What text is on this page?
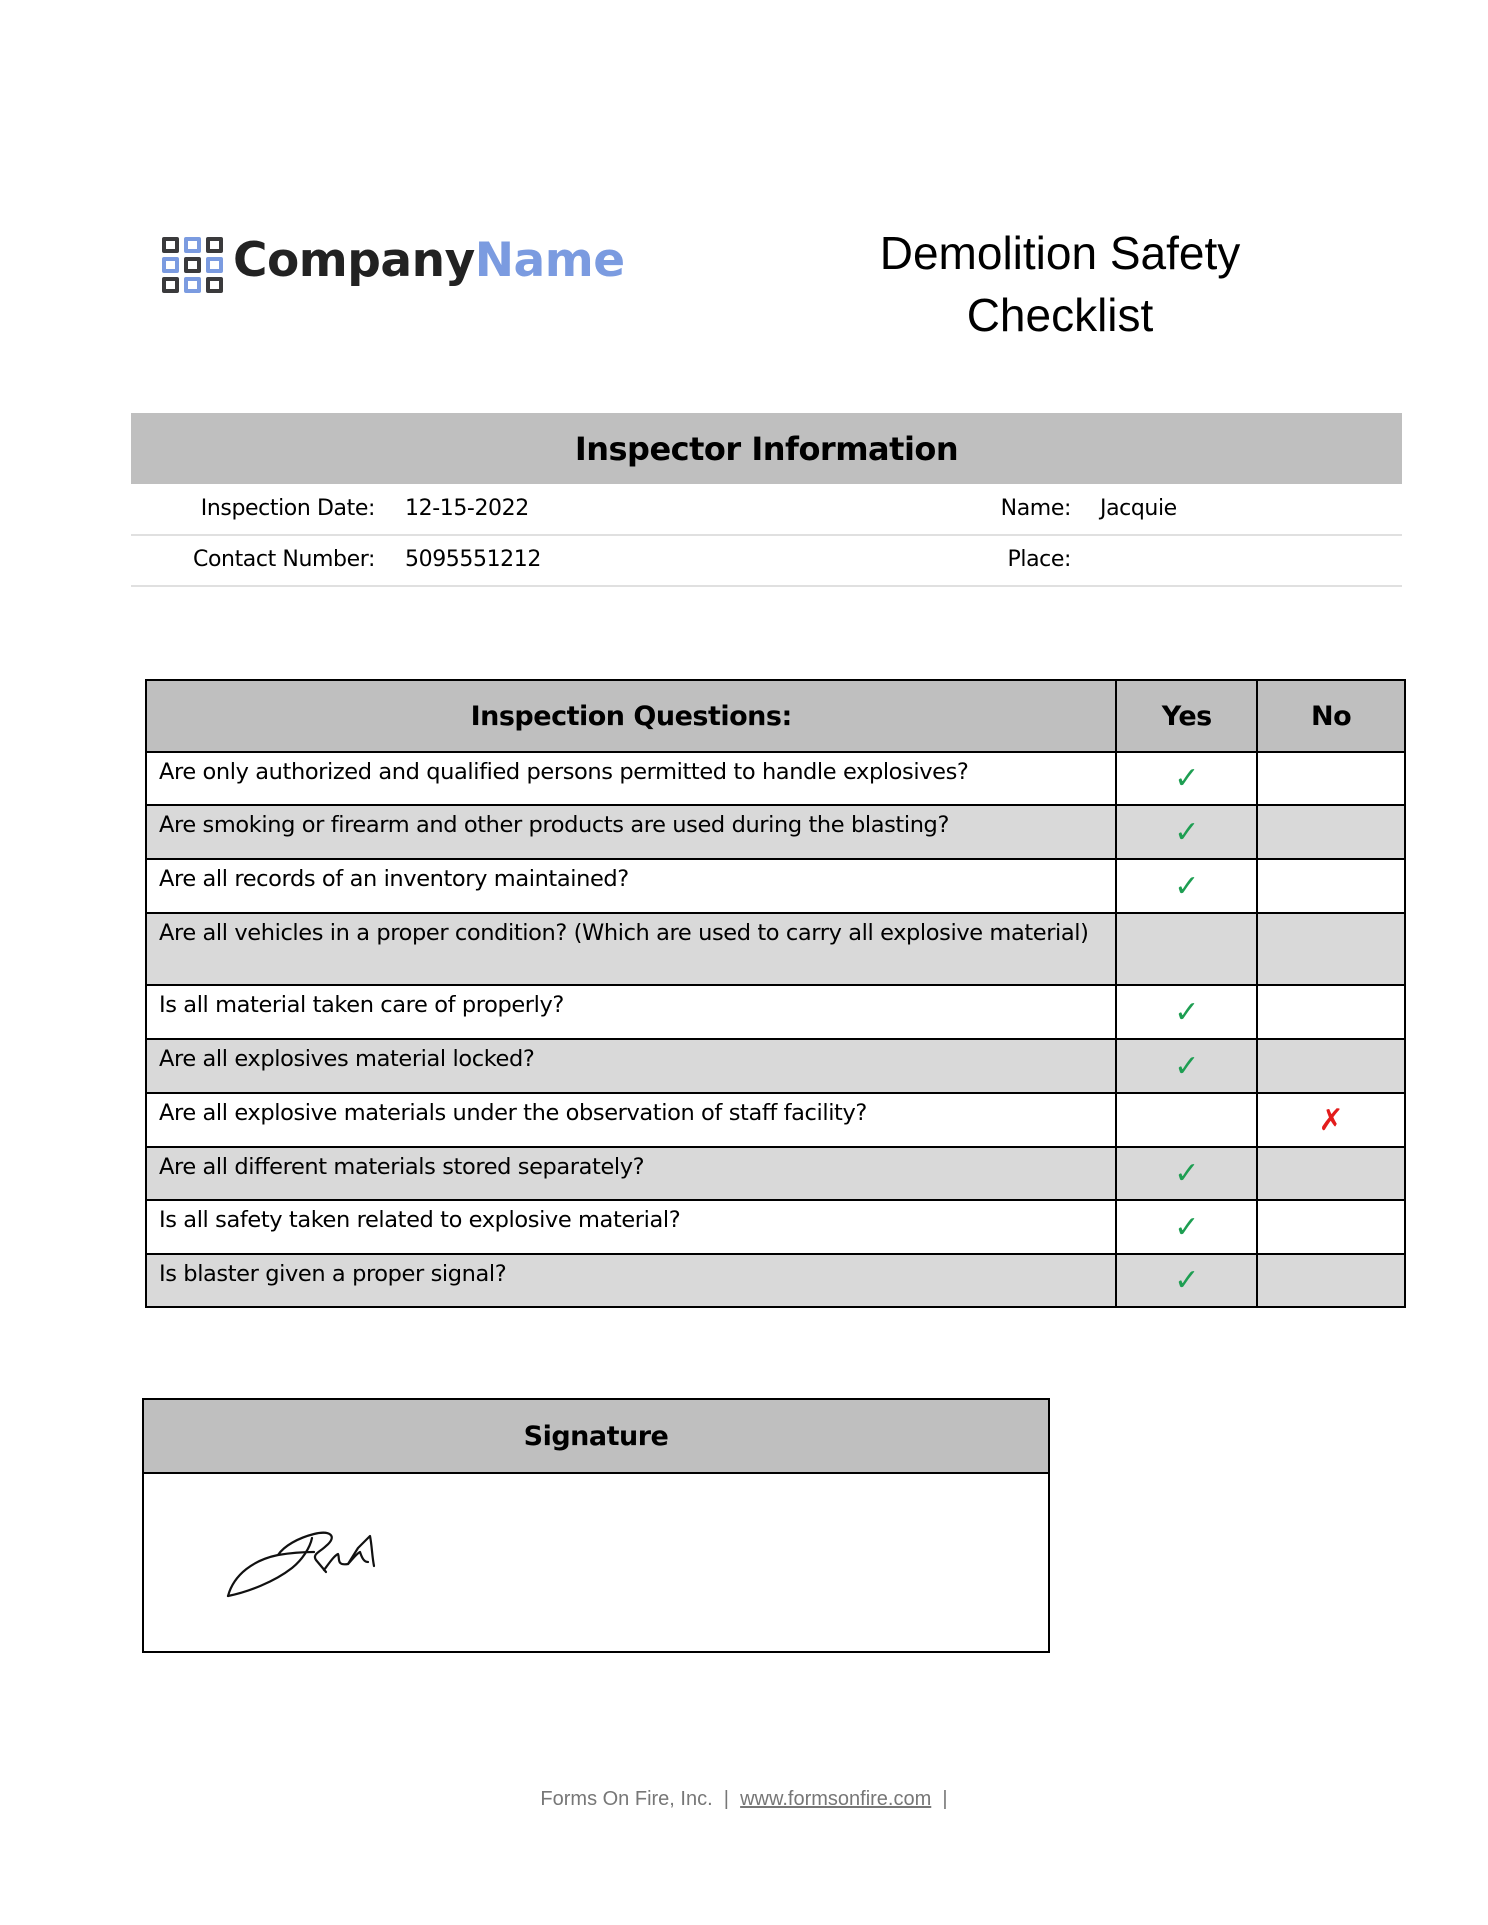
CompanyName	Demolition Safety
Checklist
Inspector Information
Inspection Date: 12-15-2022	Name: Jacquie
Contact Number: 5095551212	Place:
Inspection Questions:	Yes	No
Are only authorized and qualified persons permitted to handle explosives?	✓	
Are smoking or firearm and other products are used during the blasting?	✓	
Are all records of an inventory maintained?	✓	
Are all vehicles in a proper condition? (Which are used to carry all explosive material)		
Is all material taken care of properly?	✓	
Are all explosives material locked?	✓	
Are all explosive materials under the observation of staff facility?		✗
Are all different materials stored separately?	✓	
Is all safety taken related to explosive material?	✓	
Is blaster given a proper signal?	✓	
Signature
Forms On Fire, Inc. | www.formsonfire.com |
